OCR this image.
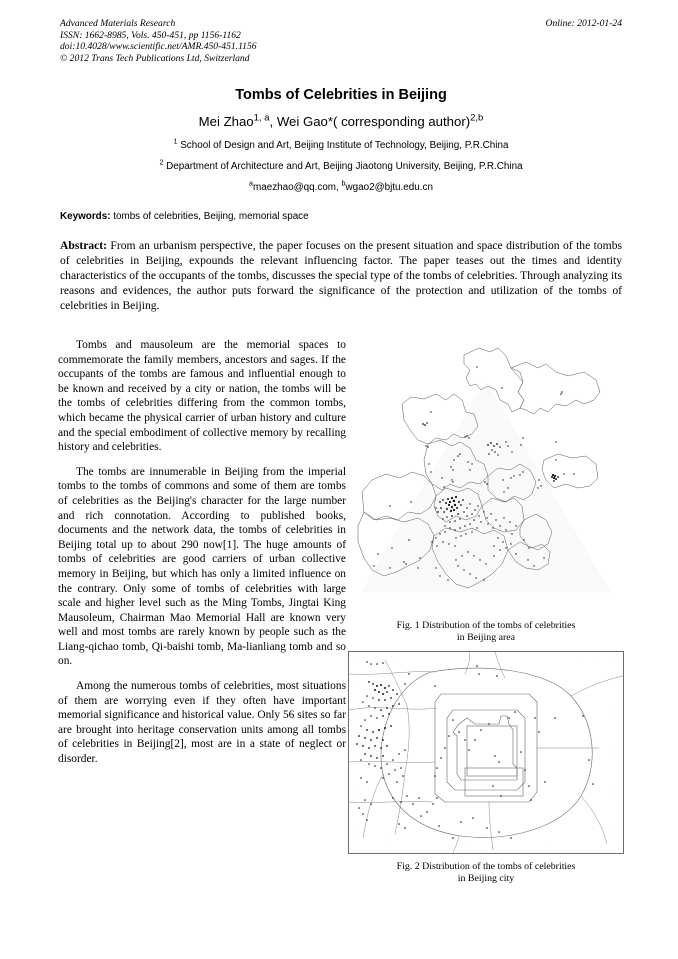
Advanced Materials Research
ISSN: 1662-8985, Vols. 450-451, pp 1156-1162
doi:10.4028/www.scientific.net/AMR.450-451.1156
© 2012 Trans Tech Publications Ltd, Switzerland
Online: 2012-01-24
Tombs of Celebrities in Beijing
Mei Zhao$^{1, a}$, Wei Gao*( corresponding author)$^{2,b}$
$^1$ School of Design and Art, Beijing Institute of Technology, Beijing, P.R.China
$^2$ Department of Architecture and Art, Beijing Jiaotong University, Beijing, P.R.China
$^a$maezhao@qq.com, $^b$wgao2@bjtu.edu.cn
Keywords: tombs of celebrities, Beijing, memorial space
Abstract: From an urbanism perspective, the paper focuses on the present situation and space distribution of the tombs of celebrities in Beijing, expounds the relevant influencing factor. The paper teases out the times and identity characteristics of the occupants of the tombs, discusses the special type of the tombs of celebrities. Through analyzing its reasons and evidences, the author puts forward the significance of the protection and utilization of the tombs of celebrities in Beijing.

Tombs and mausoleum are the memorial spaces to commemorate the family members, ancestors and sages. If the occupants of the tombs are famous and influential enough to be known and received by a city or nation, the tombs will be the tombs of celebrities differing from the common tombs, which became the physical carrier of urban history and culture and the special embodiment of collective memory by recalling history and celebrities.

The tombs are innumerable in Beijing from the imperial tombs to the tombs of commons and some of them are tombs of celebrities as the Beijing's character for the large number and rich connotation. According to published books, documents and the network data, the tombs of celebrities in Beijing total up to about 290 now[1]. The huge amounts of tombs of celebrities are good carriers of urban collective memory in Beijing, but which has only a limited influence on the contrary. Only some of tombs of celebrities with large scale and higher level such as the Ming Tombs, Jingtai King Mausoleum, Chairman Mao Memorial Hall are known very well and most tombs are rarely known by people such as the Liang-qichao tomb, Qi-baishi tomb, Ma-lianliang tomb and so on.

Among the numerous tombs of celebrities, most situations of them are worrying even if they often have important memorial significance and historical value. Only 56 sites so far are brought into heritage conservation units among all tombs of celebrities in Beijing[2], most are in a state of neglect or disorder.

Fig. 1 Distribution of the tombs of celebrities
in Beijing area
Fig. 2 Distribution of the tombs of celebrities
in Beijing city
